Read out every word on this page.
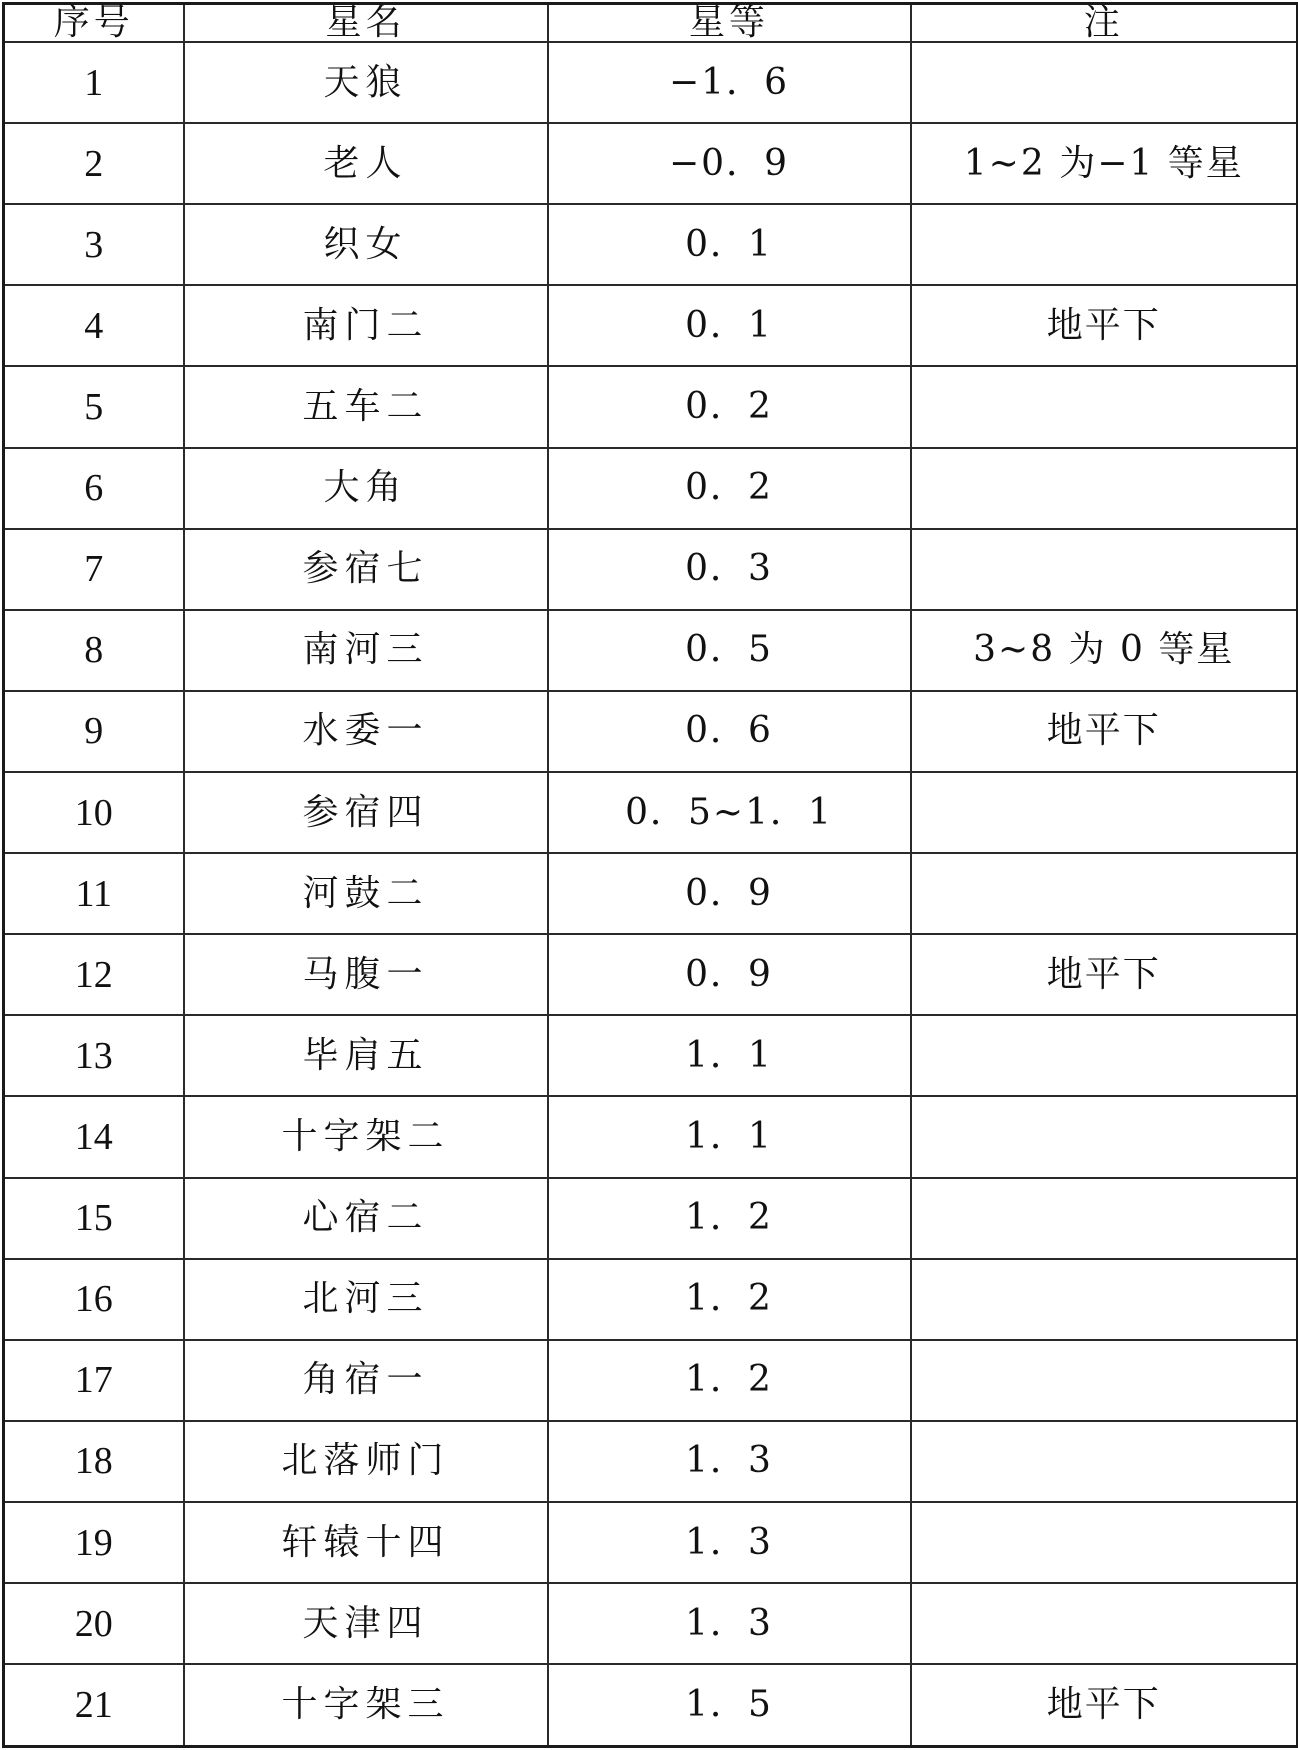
序号	星名	星等	注
1	天狼	−1．6	
2	老人	−0．9	1~2 为−1 等星
3	织女	0．1	
4	南门二	0．1	地平下
5	五车二	0．2	
6	大角	0．2	
7	参宿七	0．3	
8	南河三	0．5	3~8 为 0 等星
9	水委一	0．6	地平下
10	参宿四	0．5~1．1	
11	河鼓二	0．9	
12	马腹一	0．9	地平下
13	毕肩五	1．1	
14	十字架二	1．1	
15	心宿二	1．2	
16	北河三	1．2	
17	角宿一	1．2	
18	北落师门	1．3	
19	轩辕十四	1．3	
20	天津四	1．3	
21	十字架三	1．5	地平下
